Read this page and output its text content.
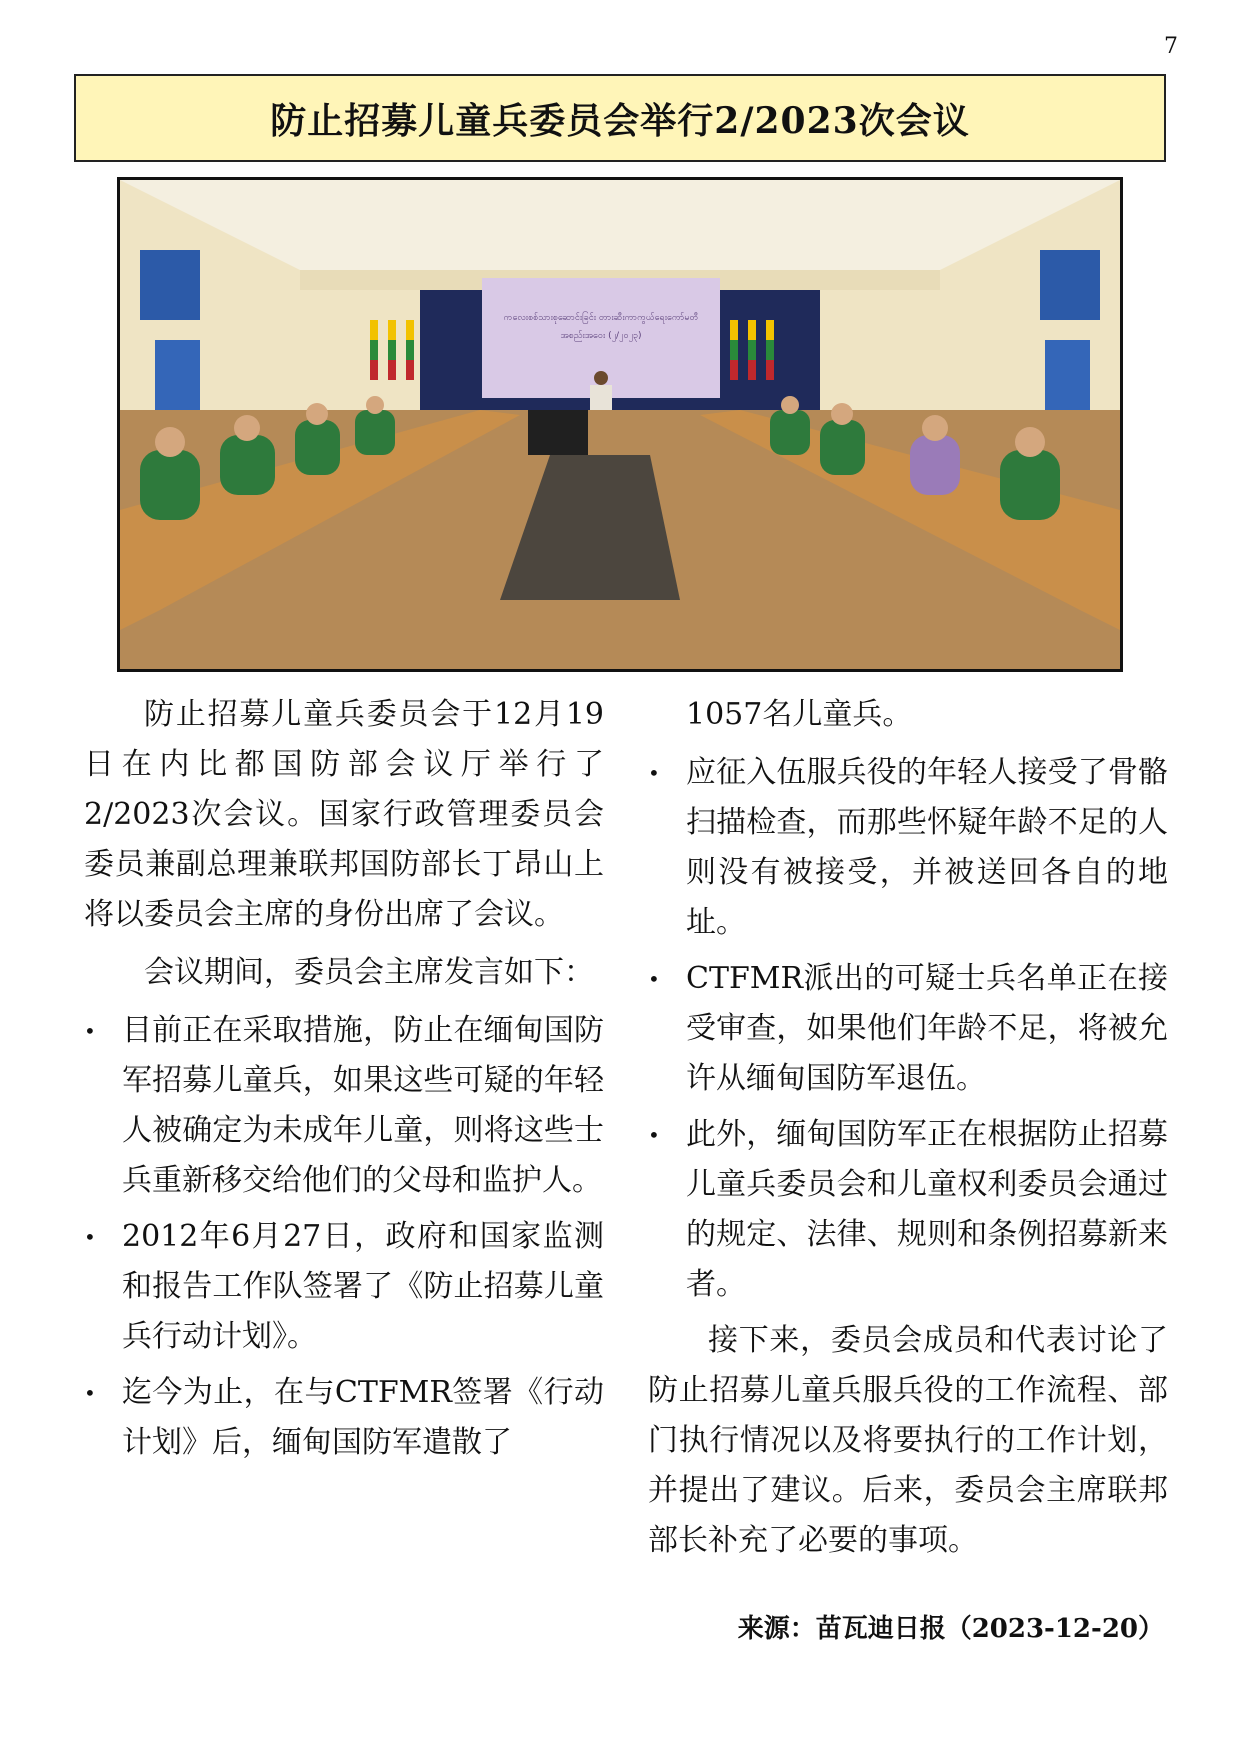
7
防止招募儿童兵委员会举行2/2023次会议
ကလေးစစ်သားစုဆောင်းခြင်း တားဆီးကာကွယ်ရေးကော်မတီ
အစည်းအဝေး (၂/၂၀၂၃)

防止招募儿童兵委员会于12月19日在内比都国防部会议厅举行了2/2023次会议。国家行政管理委员会委员兼副总理兼联邦国防部长丁昂山上将以委员会主席的身份出席了会议。

会议期间，委员会主席发言如下：

• 目前正在采取措施，防止在缅甸国防军招募儿童兵，如果这些可疑的年轻人被确定为未成年儿童，则将这些士兵重新移交给他们的父母和监护人。
• 2012年6月27日，政府和国家监测和报告工作队签署了《防止招募儿童兵行动计划》。
• 迄今为止，在与CTFMR签署《行动计划》后，缅甸国防军遣散了

1057名儿童兵。

• 应征入伍服兵役的年轻人接受了骨骼扫描检查，而那些怀疑年龄不足的人则没有被接受，并被送回各自的地址。
• CTFMR派出的可疑士兵名单正在接受审查，如果他们年龄不足，将被允许从缅甸国防军退伍。
• 此外，缅甸国防军正在根据防止招募儿童兵委员会和儿童权利委员会通过的规定、法律、规则和条例招募新来者。

接下来，委员会成员和代表讨论了防止招募儿童兵服兵役的工作流程、部门执行情况以及将要执行的工作计划，并提出了建议。后来，委员会主席联邦部长补充了必要的事项。

来源：苗瓦迪日报（2023-12-20）
